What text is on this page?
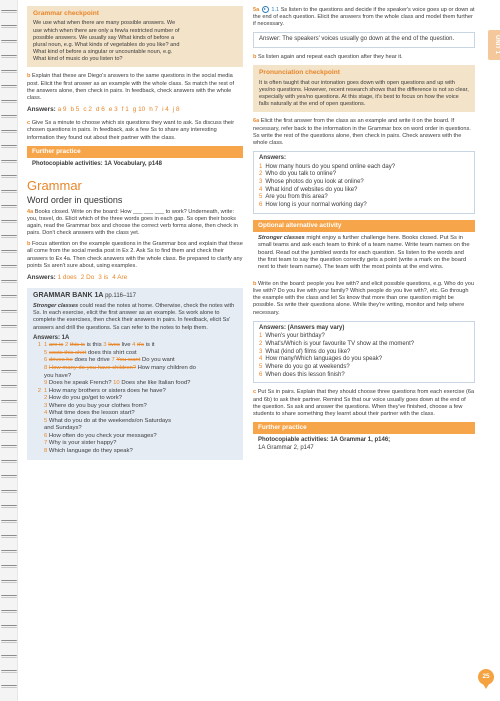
UNIT 1
Grammar checkpoint
We use what when there are many possible answers. We
use which when there are only a few/a restricted number of
possible answers. We usually say What kinds of before a
plural noun, e.g. What kinds of vegetables do you like? and
What kind of before a singular or uncountable noun, e.g.
What kind of music do you listen to?
b Explain that these are Diego's answers to the same questions in the social media post. Elicit the first answer as an example with the whole class. Ss match the rest of the answers alone, then check in pairs. In feedback, check answers with the whole class.
Answers: a 9 b 5 c 2 d 6 e 3 f 1 g 10 h 7 i 4 j 8
c Give Ss a minute to choose which six questions they want to ask. Ss discuss their chosen questions in pairs. In feedback, ask a few Ss to share any interesting information they found out about their partner with the class.
Further practice
Photocopiable activities: 1A Vocabulary, p148
Grammar
Word order in questions
4a Books closed. Write on the board: How ___ ___ ___ to work? Underneath, write: you, travel, do. Elicit which of the three words goes in each gap. Ss open their books again, read the Grammar box and choose the correct verb forms alone, then check in pairs. Don't check answers with the class yet.
b Focus attention on the example questions in the Grammar box and explain that these all come from the social media post in Ex 2. Ask Ss to find them and check their answers to Ex 4a. Then check answers with the whole class. Be prepared to clarify any points Ss aren't sure about, using examples.
Answers: 1 does 2 Do 3 is 4 Are
GRAMMAR BANK 1A pp.116–117
Stronger classes could read the notes at home. Otherwise, check the notes with Ss. In each exercise, elicit the first answer as an example. Ss work alone to complete the exercises, then check their answers in pairs. In feedback, elicit Ss' answers and drill the questions. Ss can refer to the notes to help them.
Answers: 1A
1 1 are is 2 this is is this 3 lives live 4 it's is it
5 costs this shirt does this shirt cost
6 drives he does he drive 7 You want Do you want
8 How many do you have children? How many children do
you have?
9 Does he speak French? 10 Does she like Italian food?
2 1 How many brothers or sisters does he have?
2 How do you go/get to work?
3 Where do you buy your clothes from?
4 What time does the lesson start?
5 What do you do at the weekends/on Saturdays
and Sundays?
6 How often do you check your messages?
7 Why is your sister happy?
8 Which language do they speak?
5a 1.1 Ss listen to the questions and decide if the speaker's voice goes up or down at the end of each question. Elicit the answers from the whole class and model them further if necessary.
Answer: The speakers' voices usually go down at the end of the question.
b Ss listen again and repeat each question after they hear it.
Pronunciation checkpoint
It is often taught that our intonation goes down with open questions and up with yes/no questions. However, recent research shows that the difference is not so clear, especially with yes/no questions. At this stage, it's best to focus on how the voice falls naturally at the end of open questions.
6a Elicit the first answer from the class as an example and write it on the board. If necessary, refer back to the information in the Grammar box on word order in questions. Ss write the rest of the questions alone, then check in pairs. Check answers with the whole class.
Answers:
1 How many hours do you spend online each day?
2 Who do you talk to online?
3 Whose photos do you look at online?
4 What kind of websites do you like?
5 Are you from this area?
6 How long is your normal working day?
Optional alternative activity
Stronger classes might enjoy a further challenge here. Books closed. Put Ss in small teams and ask each team to think of a team name. Write team names on the board. Read out the jumbled words for each question. Ss listen to the words and the first team to say the question correctly gets a point (write a mark on the board next to their team name). The team with the most points at the end wins.
b Write on the board: people you live with? and elicit possible questions, e.g. Who do you live with? Do you live with your family? Which people do you live with?, etc. Go through the example with the class and let Ss know that more than one question might be possible. Ss write their questions alone. While they're writing, monitor and help where necessary.
Answers: (Answers may vary)
1 When's your birthday?
2 What's/Which is your favourite TV show at the moment?
3 What (kind of) films do you like?
4 How many/Which languages do you speak?
5 Where do you go at weekends?
6 When does this lesson finish?
c Put Ss in pairs. Explain that they should choose three questions from each exercise (6a and 6b) to ask their partner. Remind Ss that our voice usually goes down at the end of the question. Ss ask and answer the questions. When they've finished, choose a few students to share something they learnt about their partner with the class.
Further practice
Photocopiable activities: 1A Grammar 1, p146;
1A Grammar 2, p147
25
